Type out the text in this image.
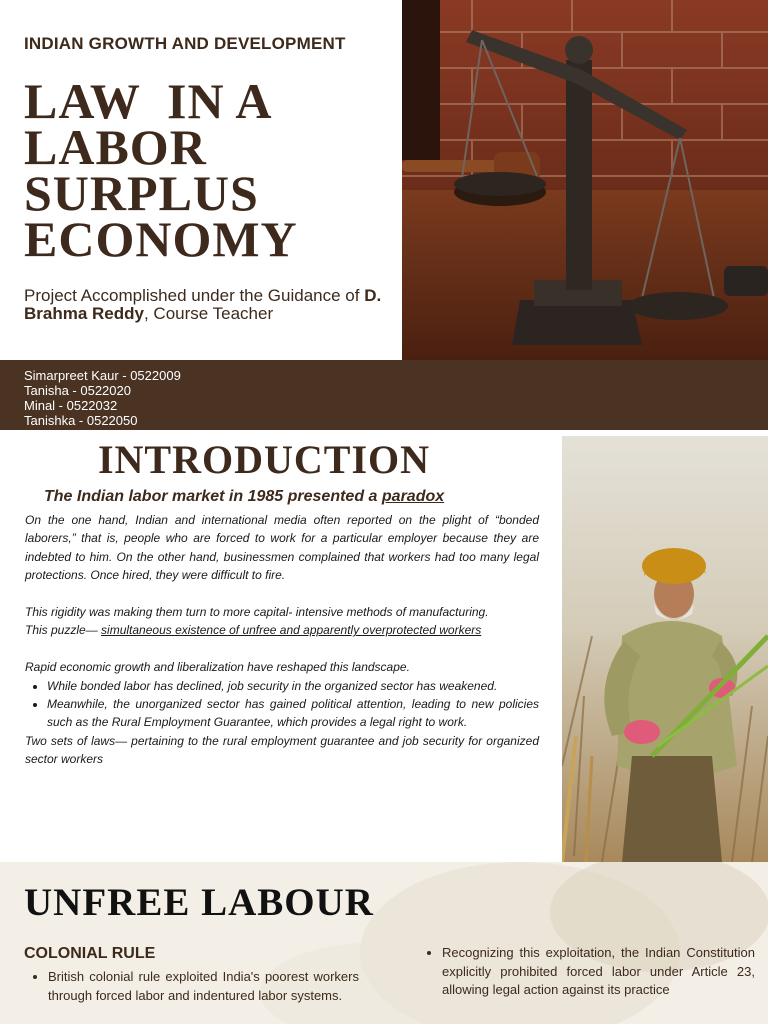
INDIAN GROWTH AND DEVELOPMENT
LAW  IN A
LABOR
SURPLUS
ECONOMY
Project Accomplished under the Guidance of D. Brahma Reddy, Course Teacher
Simarpreet Kaur - 0522009
Tanisha - 0522020
Minal - 0522032
Tanishka - 0522050
INTRODUCTION
The Indian labor market in 1985 presented a paradox

On the one hand, Indian and international media often reported on the plight of “bonded laborers,” that is, people who are forced to work for a particular employer because they are indebted to him. On the other hand, businessmen complained that workers had too many legal protections. Once hired, they were difficult to fire.

This rigidity was making them turn to more capital- intensive methods of manufacturing.

This puzzle— simultaneous existence of unfree and apparently overprotected workers

Rapid economic growth and liberalization have reshaped this landscape.

• While bonded labor has declined, job security in the organized sector has weakened.
• Meanwhile, the unorganized sector has gained political attention, leading to new policies such as the Rural Employment Guarantee, which provides a legal right to work.

Two sets of laws— pertaining to the rural employment guarantee and job security for organized sector workers

UNFREE LABOUR
COLONIAL RULE
• British colonial rule exploited India's poorest workers through forced labor and indentured labor systems.
• Recognizing this exploitation, the Indian Constitution explicitly prohibited forced labor under Article 23, allowing legal action against its practice
